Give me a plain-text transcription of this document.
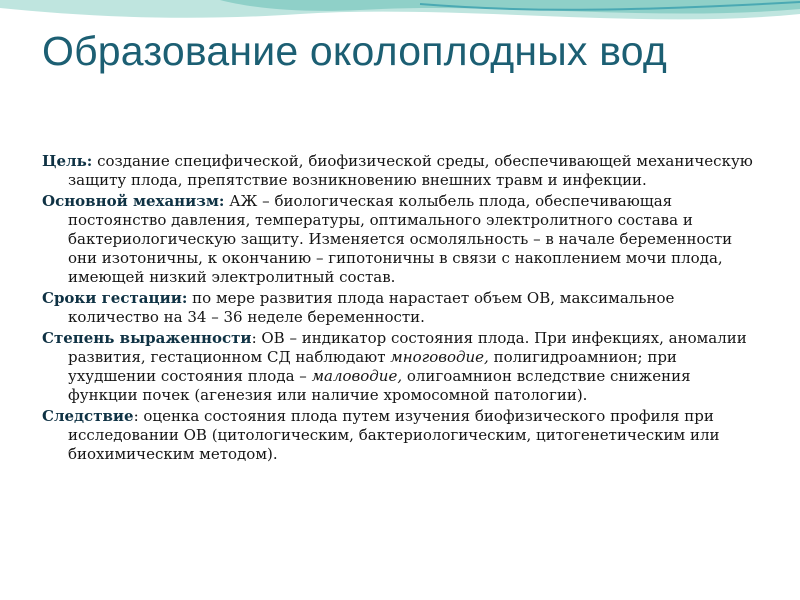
Образование околоплодных вод

Цель: создание специфической, биофизической среды, обеспечивающей механическую защиту плода, препятствие возникновению внешних травм и инфекции.

Основной механизм: АЖ – биологическая колыбель плода, обеспечивающая постоянство давления, температуры, оптимального электролитного состава и бактериологическую защиту. Изменяется осмоляльность – в начале беременности они изотоничны, к окончанию – гипотоничны в связи с накоплением мочи плода, имеющей низкий электролитный состав.

Сроки гестации: по мере развития плода нарастает объем ОВ, максимальное количество на 34 – 36 неделе беременности.

Степень выраженности: ОВ – индикатор состояния плода. При инфекциях, аномалии развития, гестационном СД наблюдают многоводие, полигидроамнион; при ухудшении состояния плода – маловодие, олигоамнион вследствие снижения функции почек (агенезия или наличие хромосомной патологии).

Следствие: оценка состояния плода путем изучения биофизического профиля при исследовании ОВ (цитологическим, бактериологическим, цитогенетическим или биохимическим методом).
